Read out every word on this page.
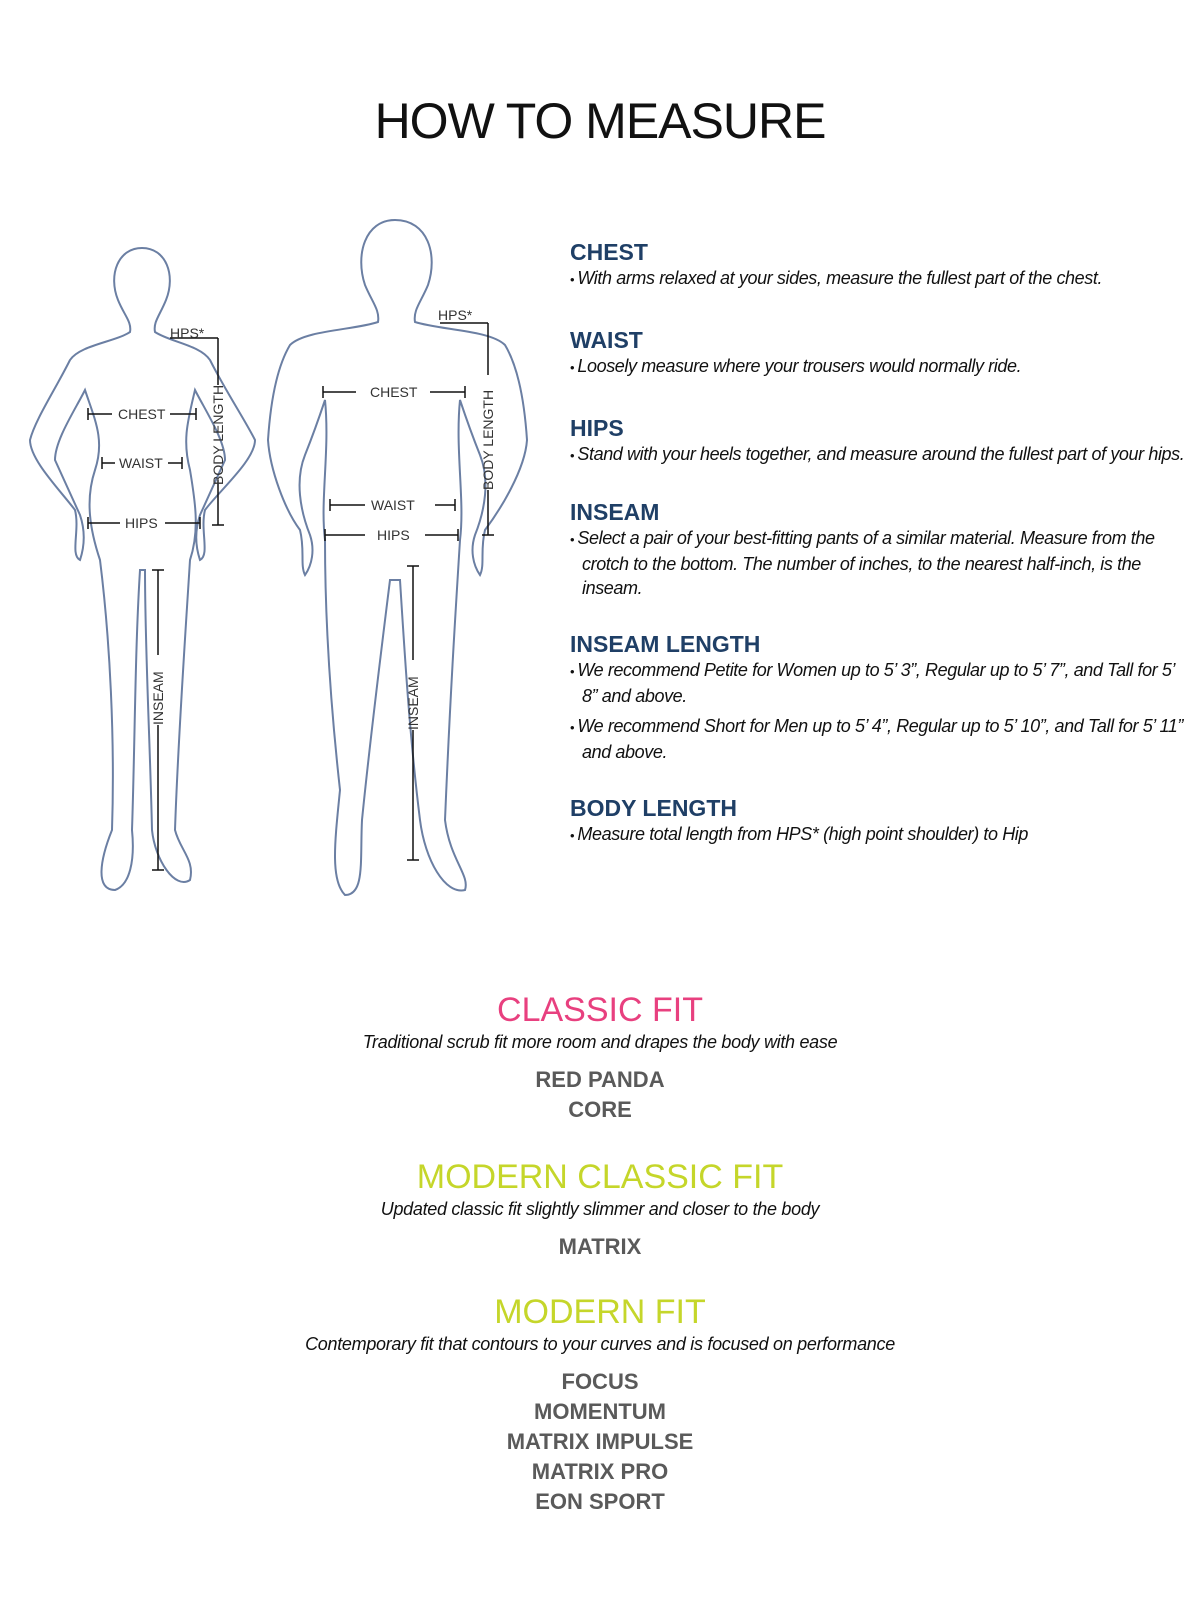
HOW TO MEASURE
HPS*
CHEST
WAIST
HIPS
INSEAM
BODY LENGTH
HPS*
CHEST
WAIST
HIPS
INSEAM
BODY LENGTH
CHEST

• With arms relaxed at your sides, measure the fullest part of the chest.

WAIST

• Loosely measure where your trousers would normally ride.

HIPS

• Stand with your heels together, and measure around the fullest part of your hips.

INSEAM

• Select a pair of your best-fitting pants of a similar material. Measure from the crotch to the bottom. The number of inches, to the nearest half-inch, is the inseam.

INSEAM LENGTH

• We recommend Petite for Women up to 5’ 3”, Regular up to 5’ 7”, and Tall for 5’ 8” and above.

• We recommend Short for Men up to 5’ 4”, Regular up to 5’ 10”, and Tall for 5’ 11” and above.

BODY LENGTH

• Measure total length from HPS* (high point shoulder) to Hip

CLASSIC FIT
Traditional scrub fit more room and drapes the body with ease
RED PANDA
CORE
MODERN CLASSIC FIT
Updated classic fit slightly slimmer and closer to the body
MATRIX
MODERN FIT
Contemporary fit that contours to your curves and is focused on performance
FOCUS
MOMENTUM
MATRIX IMPULSE
MATRIX PRO
EON SPORT
